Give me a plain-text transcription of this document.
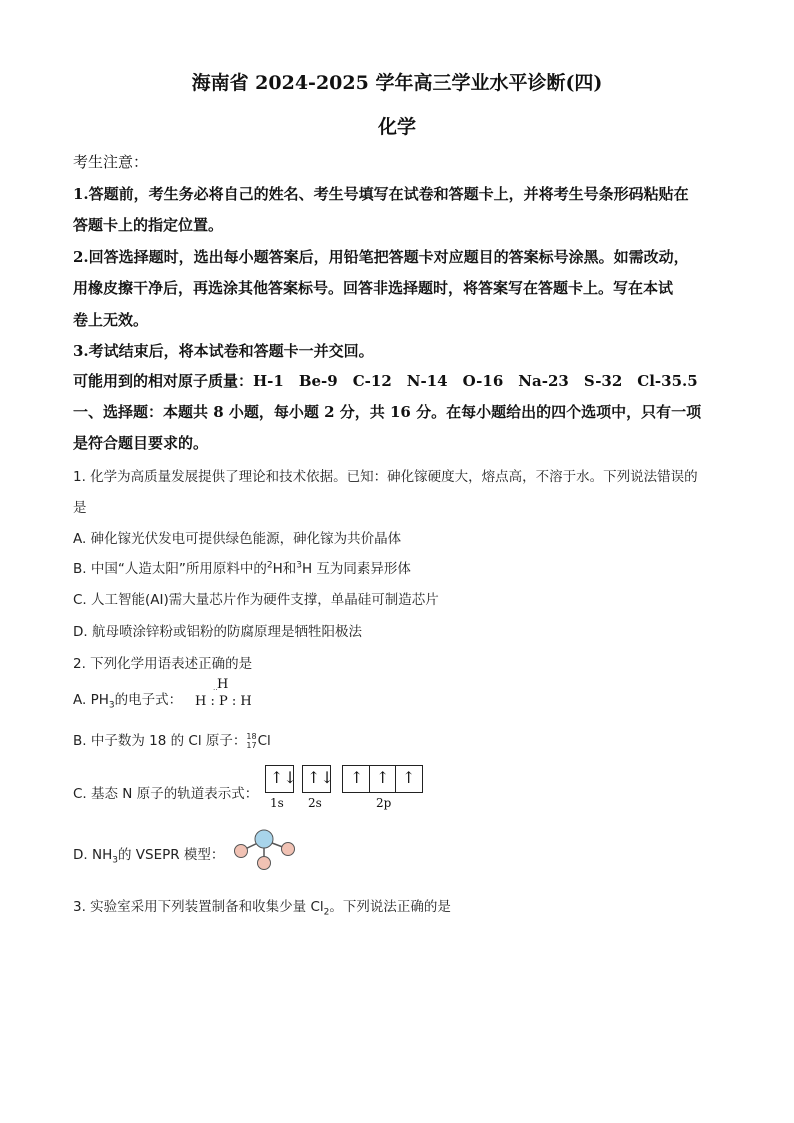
海南省 2024-2025 学年高三学业水平诊断(四)
化学
考生注意：
1.答题前，考生务必将自己的姓名、考生号填写在试卷和答题卡上，并将考生号条形码粘贴在
答题卡上的指定位置。
2.回答选择题时，选出每小题答案后，用铅笔把答题卡对应题目的答案标号涂黑。如需改动，
用橡皮擦干净后，再选涂其他答案标号。回答非选择题时，将答案写在答题卡上。写在本试
卷上无效。
3.考试结束后，将本试卷和答题卡一并交回。
可能用到的相对原子质量：H-1　Be-9　C-12　N-14　O-16　Na-23　S-32　Cl-35.5
一、选择题：本题共 8 小题，每小题 2 分，共 16 分。在每小题给出的四个选项中，只有一项
是符合题目要求的。
1. 化学为高质量发展提供了理论和技术依据。已知：砷化镓硬度大，熔点高，不溶于水。下列说法错误的
是
A. 砷化镓光伏发电可提供绿色能源，砷化镓为共价晶体
B. 中国“人造太阳”所用原料中的$^2$H和$^3$H 互为同素异形体
C. 人工智能(AI)需大量芯片作为硬件支撑，单晶硅可制造芯片
D. 航母喷涂锌粉或铝粉的防腐原理是牺牲阳极法
2. 下列化学用语表述正确的是
A. $PH_3$的电子式：
H
⋅⋅
H : P : H
B. 中子数为 18 的 Cl 原子：18
17Cl
C. 基态 N 原子的轨道表示式：
↑↓ ↑↓ ↑ ↑ ↑
1s 2s	2p
D. $NH_3$的 VSEPR 模型：
3. 实验室采用下列装置制备和收集少量 $Cl_2$。下列说法正确的是
